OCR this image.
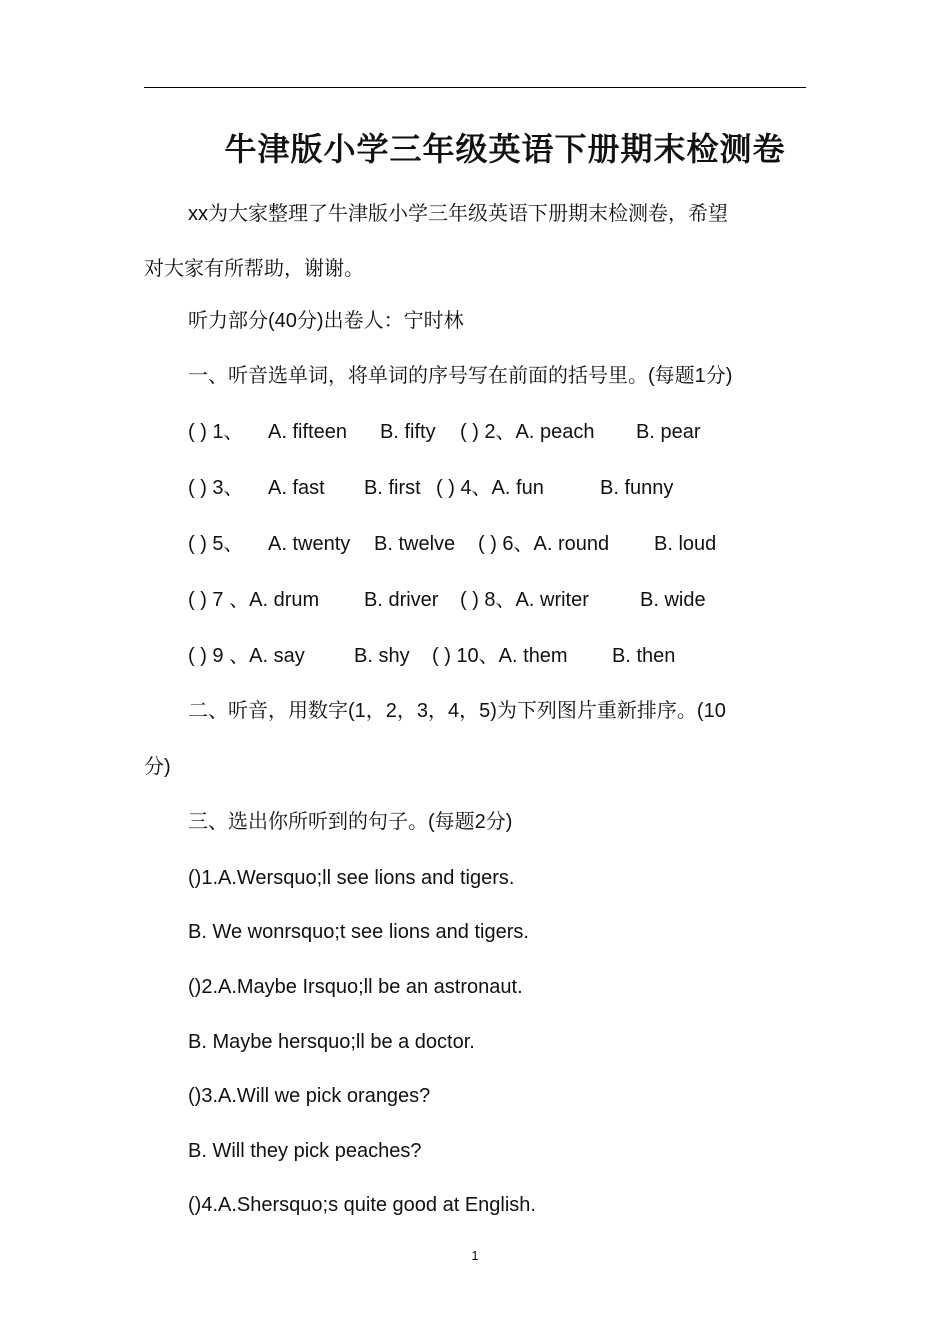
牛津版小学三年级英语下册期末检测卷
xx为大家整理了牛津版小学三年级英语下册期末检测卷，希望
对大家有所帮助，谢谢。
听力部分(40分)出卷人：宁时林
一、听音选单词，将单词的序号写在前面的括号里。(每题1分)
( ) 1、 A. fifteen B. fifty ( ) 2、A. peach B. pear
( ) 3、 A. fast B. first ( ) 4、A. fun	B. funny
( ) 5、 A. twenty B. twelve ( ) 6、A. round B. loud
( ) 7 、A. drum B. driver ( ) 8、A. writer	B. wide
( ) 9 、A. say B. shy ( ) 10、A. them B. then
二、听音，用数字(1，2，3，4，5)为下列图片重新排序。(10
分)
三、选出你所听到的句子。(每题2分)
()1.A.Wersquo;ll see lions and tigers.
B. We wonrsquo;t see lions and tigers.
()2.A.Maybe Irsquo;ll be an astronaut.
B. Maybe hersquo;ll be a doctor.
()3.A.Will we pick oranges?
B. Will they pick peaches?
()4.A.Shersquo;s quite good at English.
1
